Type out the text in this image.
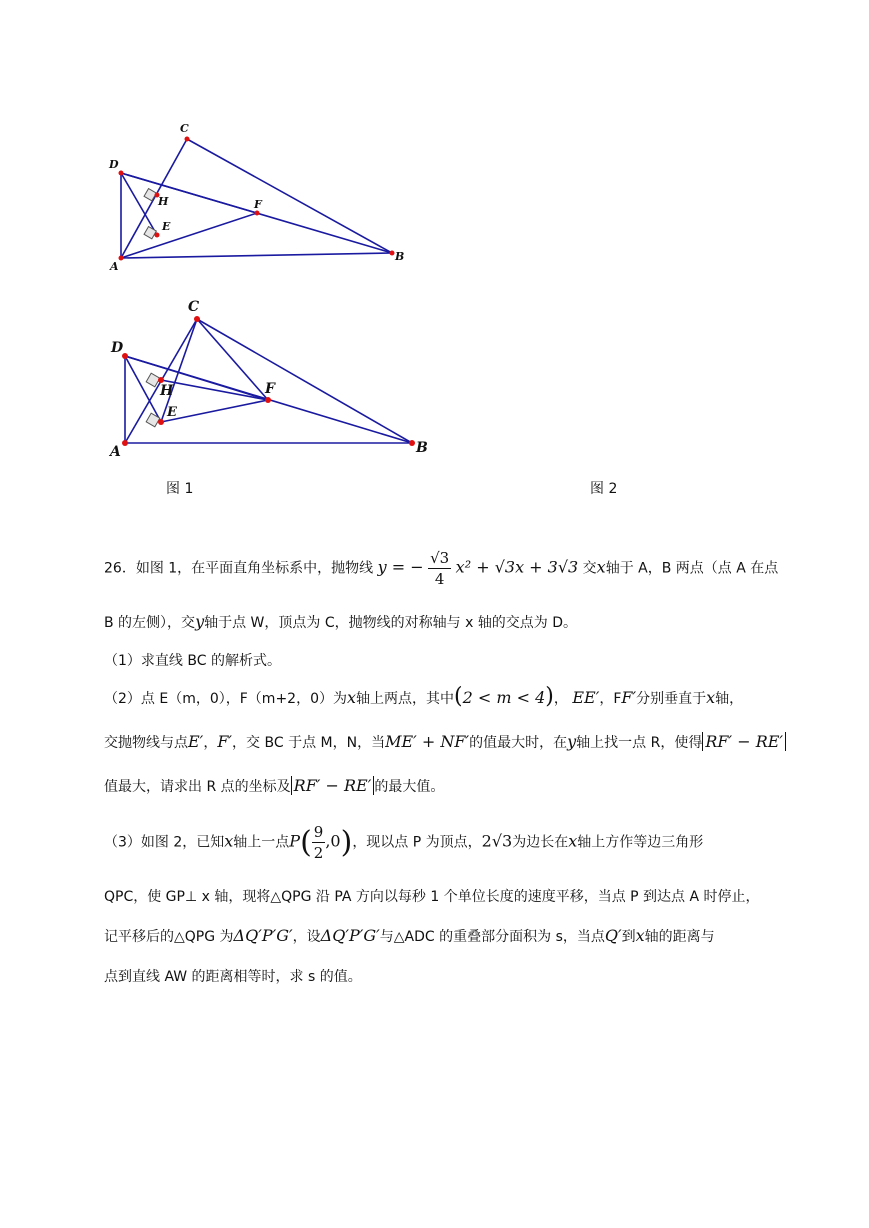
C
D
H
E
F
A
B
C
D
H
E
F
A	B
图 1	图 2
26．如图 1，在平面直角坐标系中，抛物线 y = − $\frac{√3}{4} x^2 + √3x + 3√3$ 交x轴于 A，B 两点（点 A 在点
B 的左侧），交y轴于点 W，顶点为 C，抛物线的对称轴与 x 轴的交点为 D。
（1）求直线 BC 的解析式。
（2）点 E（m，0），F（m+2，0）为x轴上两点，其中(2 < m < 4)， EE′，FF′分别垂直于x轴，
交抛物线与点E′，F′，交 BC 于点 M，N，当ME′ + NF′的值最大时，在y轴上找一点 R，使得 RF′ − RE′
值最大，请求出 R 点的坐标及 RF′ − RE′ 的最大值。
（3）如图 2，已知x轴上一点$P( \frac{9}{2} ,0)$，现以点 P 为顶点，2√3为边长在x轴上方作等边三角形
QPC，使 GP⊥ x 轴，现将△QPG 沿 PA 方向以每秒 1 个单位长度的速度平移，当点 P 到达点 A 时停止，
记平移后的△QPG 为ΔQ′P′G′，设ΔQ′P′G′与△ADC 的重叠部分面积为 s，当点Q′到x轴的距离与
点到直线 AW 的距离相等时，求 s 的值。
